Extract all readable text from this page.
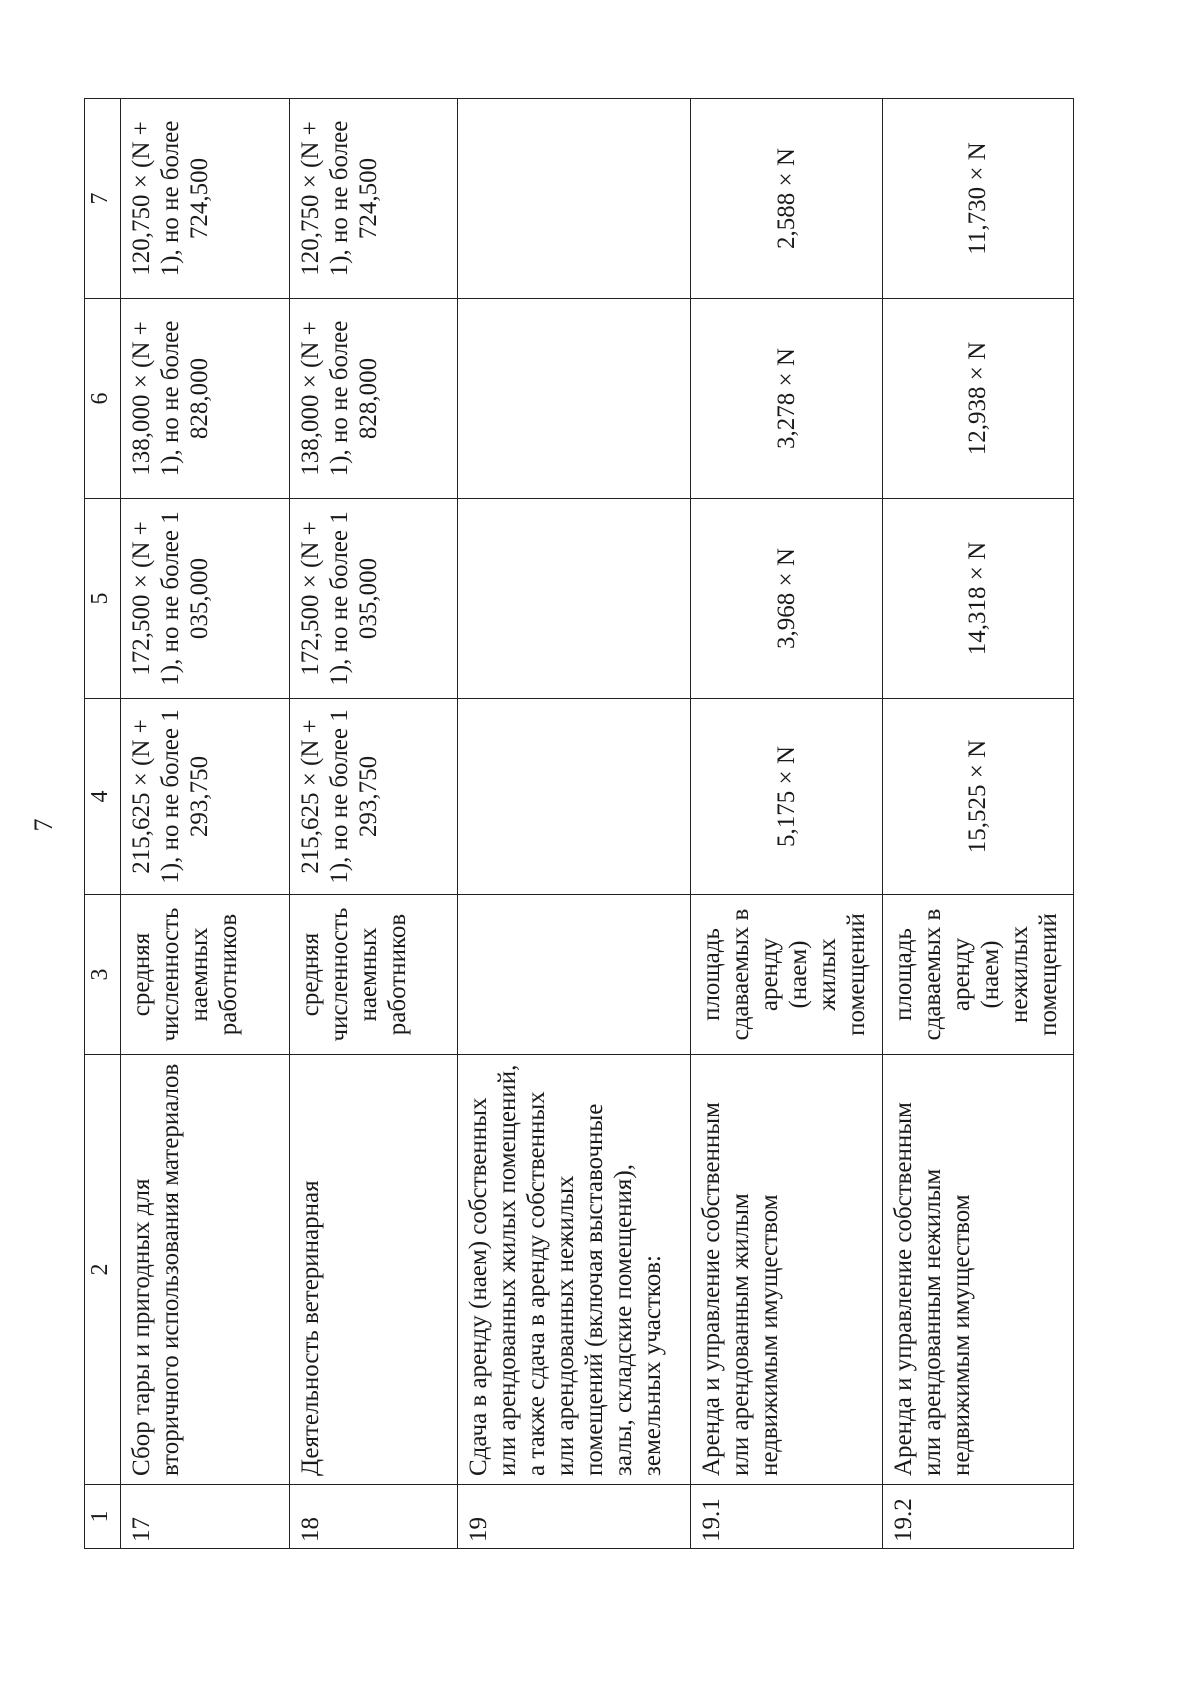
7
1	2	3	4	5	6	7
17	Сбор тары и пригодных для вторичного использования материалов	средняя численность наемных работников	215,625 × (N + 1), но не более 1 293,750	172,500 × (N + 1), но не более 1 035,000	138,000 × (N + 1), но не более 828,000	120,750 × (N + 1), но не более 724,500
18	Деятельность ветеринарная	средняя численность наемных работников	215,625 × (N + 1), но не более 1 293,750	172,500 × (N + 1), но не более 1 035,000	138,000 × (N + 1), но не более 828,000	120,750 × (N + 1), но не более 724,500
19	Сдача в аренду (наем) собственных или арендованных жилых помещений, а также сдача в аренду собственных или арендованных нежилых помещений (включая выставочные залы, складские помещения), земельных участков:					
19.1	Аренда и управление собственным или арендованным жилым недвижимым имуществом	площадь сдаваемых в аренду (наем) жилых помещений	5,175 × N	3,968 × N	3,278 × N	2,588 × N
19.2	Аренда и управление собственным или арендованным нежилым недвижимым имуществом	площадь сдаваемых в аренду (наем) нежилых помещений	15,525 × N	14,318 × N	12,938 × N	11,730 × N
